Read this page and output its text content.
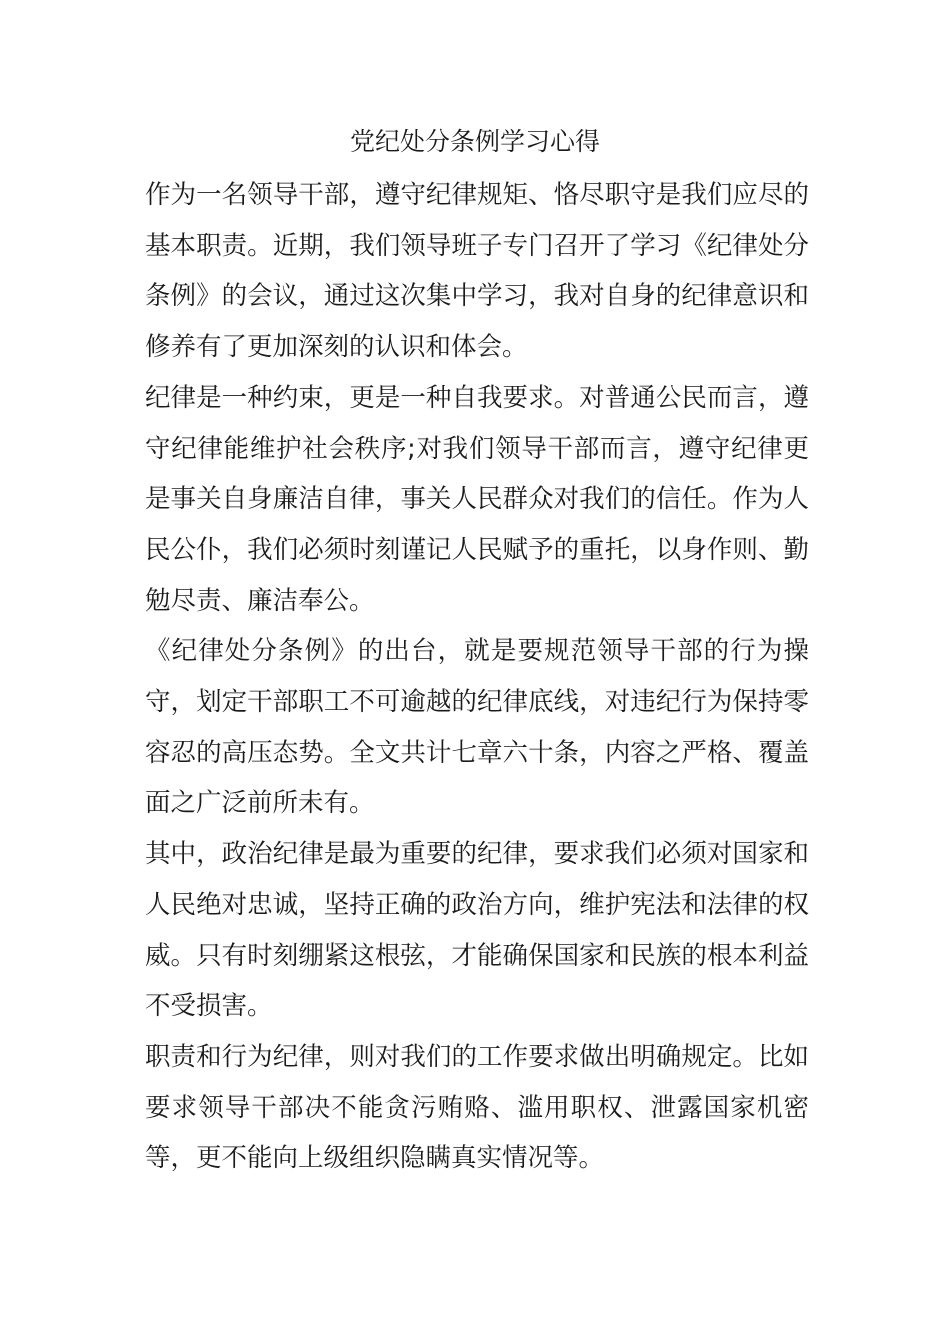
党纪处分条例学习心得

作为一名领导干部，遵守纪律规矩、恪尽职守是我们应尽的基本职责。近期，我们领导班子专门召开了学习《纪律处分条例》的会议，通过这次集中学习，我对自身的纪律意识和修养有了更加深刻的认识和体会。

纪律是一种约束，更是一种自我要求。对普通公民而言，遵守纪律能维护社会秩序;对我们领导干部而言，遵守纪律更是事关自身廉洁自律，事关人民群众对我们的信任。作为人民公仆，我们必须时刻谨记人民赋予的重托，以身作则、勤勉尽责、廉洁奉公。

《纪律处分条例》的出台，就是要规范领导干部的行为操守，划定干部职工不可逾越的纪律底线，对违纪行为保持零容忍的高压态势。全文共计七章六十条，内容之严格、覆盖面之广泛前所未有。

其中，政治纪律是最为重要的纪律，要求我们必须对国家和人民绝对忠诚，坚持正确的政治方向，维护宪法和法律的权威。只有时刻绷紧这根弦，才能确保国家和民族的根本利益不受损害。

职责和行为纪律，则对我们的工作要求做出明确规定。比如要求领导干部决不能贪污贿赂、滥用职权、泄露国家机密等，更不能向上级组织隐瞒真实情况等。
